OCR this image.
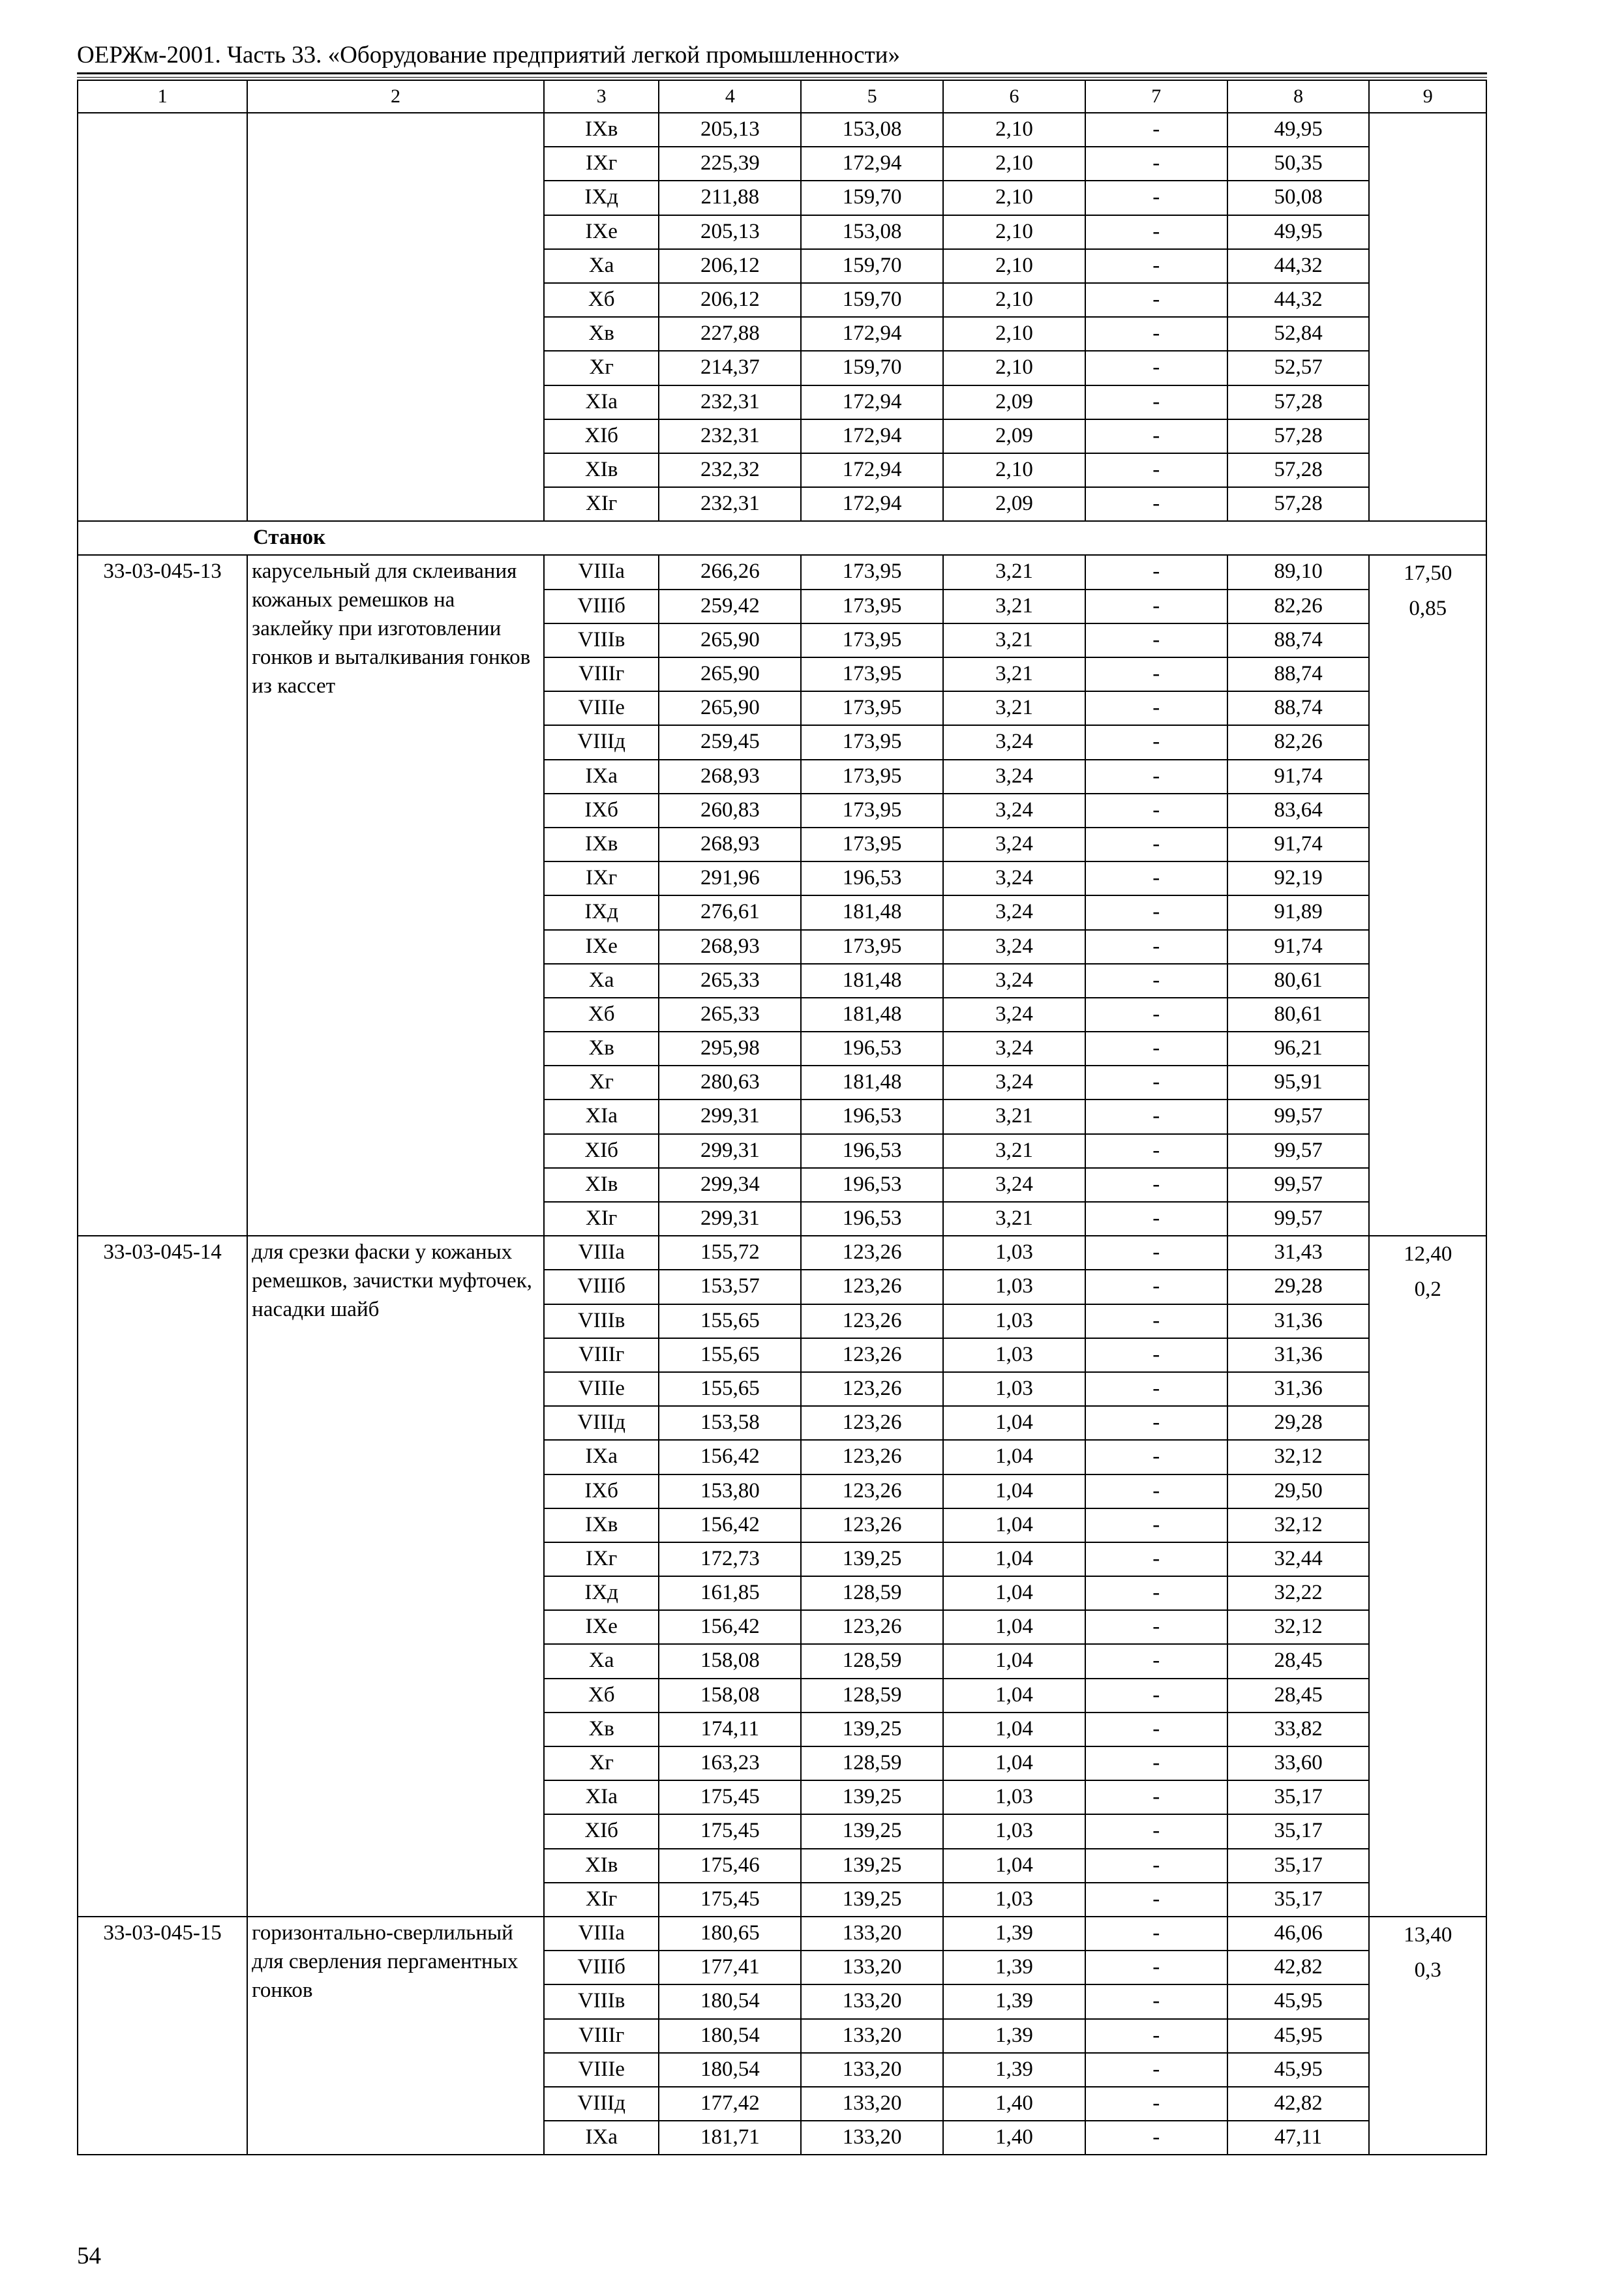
ОЕРЖм-2001. Часть 33. «Оборудование предприятий легкой промышленности»
1	2	3	4	5	6	7	8	9
		IXв	205,13	153,08	2,10	-	49,95	
		IXг	225,39	172,94	2,10	-	50,35	
		IXд	211,88	159,70	2,10	-	50,08	
		IXе	205,13	153,08	2,10	-	49,95	
		Xа	206,12	159,70	2,10	-	44,32	
		Xб	206,12	159,70	2,10	-	44,32	
		Xв	227,88	172,94	2,10	-	52,84	
		Xг	214,37	159,70	2,10	-	52,57	
		XIа	232,31	172,94	2,09	-	57,28	
		XIб	232,31	172,94	2,09	-	57,28	
		XIв	232,32	172,94	2,10	-	57,28	
		XIг	232,31	172,94	2,09	-	57,28	
Станок								
33-03-045-13	карусельный для склеивания кожаных ремешков на заклейку при изготовлении гонков и выталкивания гонков из кассет	VIIIа	266,26	173,95	3,21	-	89,10	17,50
0,85

		VIIIб	259,42	173,95	3,21	-	82,26	
		VIIIв	265,90	173,95	3,21	-	88,74	
		VIIIг	265,90	173,95	3,21	-	88,74	
		VIIIе	265,90	173,95	3,21	-	88,74	
		VIIIд	259,45	173,95	3,24	-	82,26	
		IXа	268,93	173,95	3,24	-	91,74	
		IXб	260,83	173,95	3,24	-	83,64	
		IXв	268,93	173,95	3,24	-	91,74	
		IXг	291,96	196,53	3,24	-	92,19	
		IXд	276,61	181,48	3,24	-	91,89	
		IXе	268,93	173,95	3,24	-	91,74	
		Xа	265,33	181,48	3,24	-	80,61	
		Xб	265,33	181,48	3,24	-	80,61	
		Xв	295,98	196,53	3,24	-	96,21	
		Xг	280,63	181,48	3,24	-	95,91	
		XIа	299,31	196,53	3,21	-	99,57	
		XIб	299,31	196,53	3,21	-	99,57	
		XIв	299,34	196,53	3,24	-	99,57	
		XIг	299,31	196,53	3,21	-	99,57	
33-03-045-14	для срезки фаски у кожаных ремешков, зачистки муфточек, насадки шайб	VIIIа	155,72	123,26	1,03	-	31,43	12,40
0,2

		VIIIб	153,57	123,26	1,03	-	29,28	
		VIIIв	155,65	123,26	1,03	-	31,36	
		VIIIг	155,65	123,26	1,03	-	31,36	
		VIIIе	155,65	123,26	1,03	-	31,36	
		VIIIд	153,58	123,26	1,04	-	29,28	
		IXа	156,42	123,26	1,04	-	32,12	
		IXб	153,80	123,26	1,04	-	29,50	
		IXв	156,42	123,26	1,04	-	32,12	
		IXг	172,73	139,25	1,04	-	32,44	
		IXд	161,85	128,59	1,04	-	32,22	
		IXе	156,42	123,26	1,04	-	32,12	
		Xа	158,08	128,59	1,04	-	28,45	
		Xб	158,08	128,59	1,04	-	28,45	
		Xв	174,11	139,25	1,04	-	33,82	
		Xг	163,23	128,59	1,04	-	33,60	
		XIа	175,45	139,25	1,03	-	35,17	
		XIб	175,45	139,25	1,03	-	35,17	
		XIв	175,46	139,25	1,04	-	35,17	
		XIг	175,45	139,25	1,03	-	35,17	
33-03-045-15	горизонтально-сверлильный для сверления пергаментных гонков	VIIIа	180,65	133,20	1,39	-	46,06	13,40
0,3

		VIIIб	177,41	133,20	1,39	-	42,82	
		VIIIв	180,54	133,20	1,39	-	45,95	
		VIIIг	180,54	133,20	1,39	-	45,95	
		VIIIе	180,54	133,20	1,39	-	45,95	
		VIIIд	177,42	133,20	1,40	-	42,82	
		IXа	181,71	133,20	1,40	-	47,11	
54
